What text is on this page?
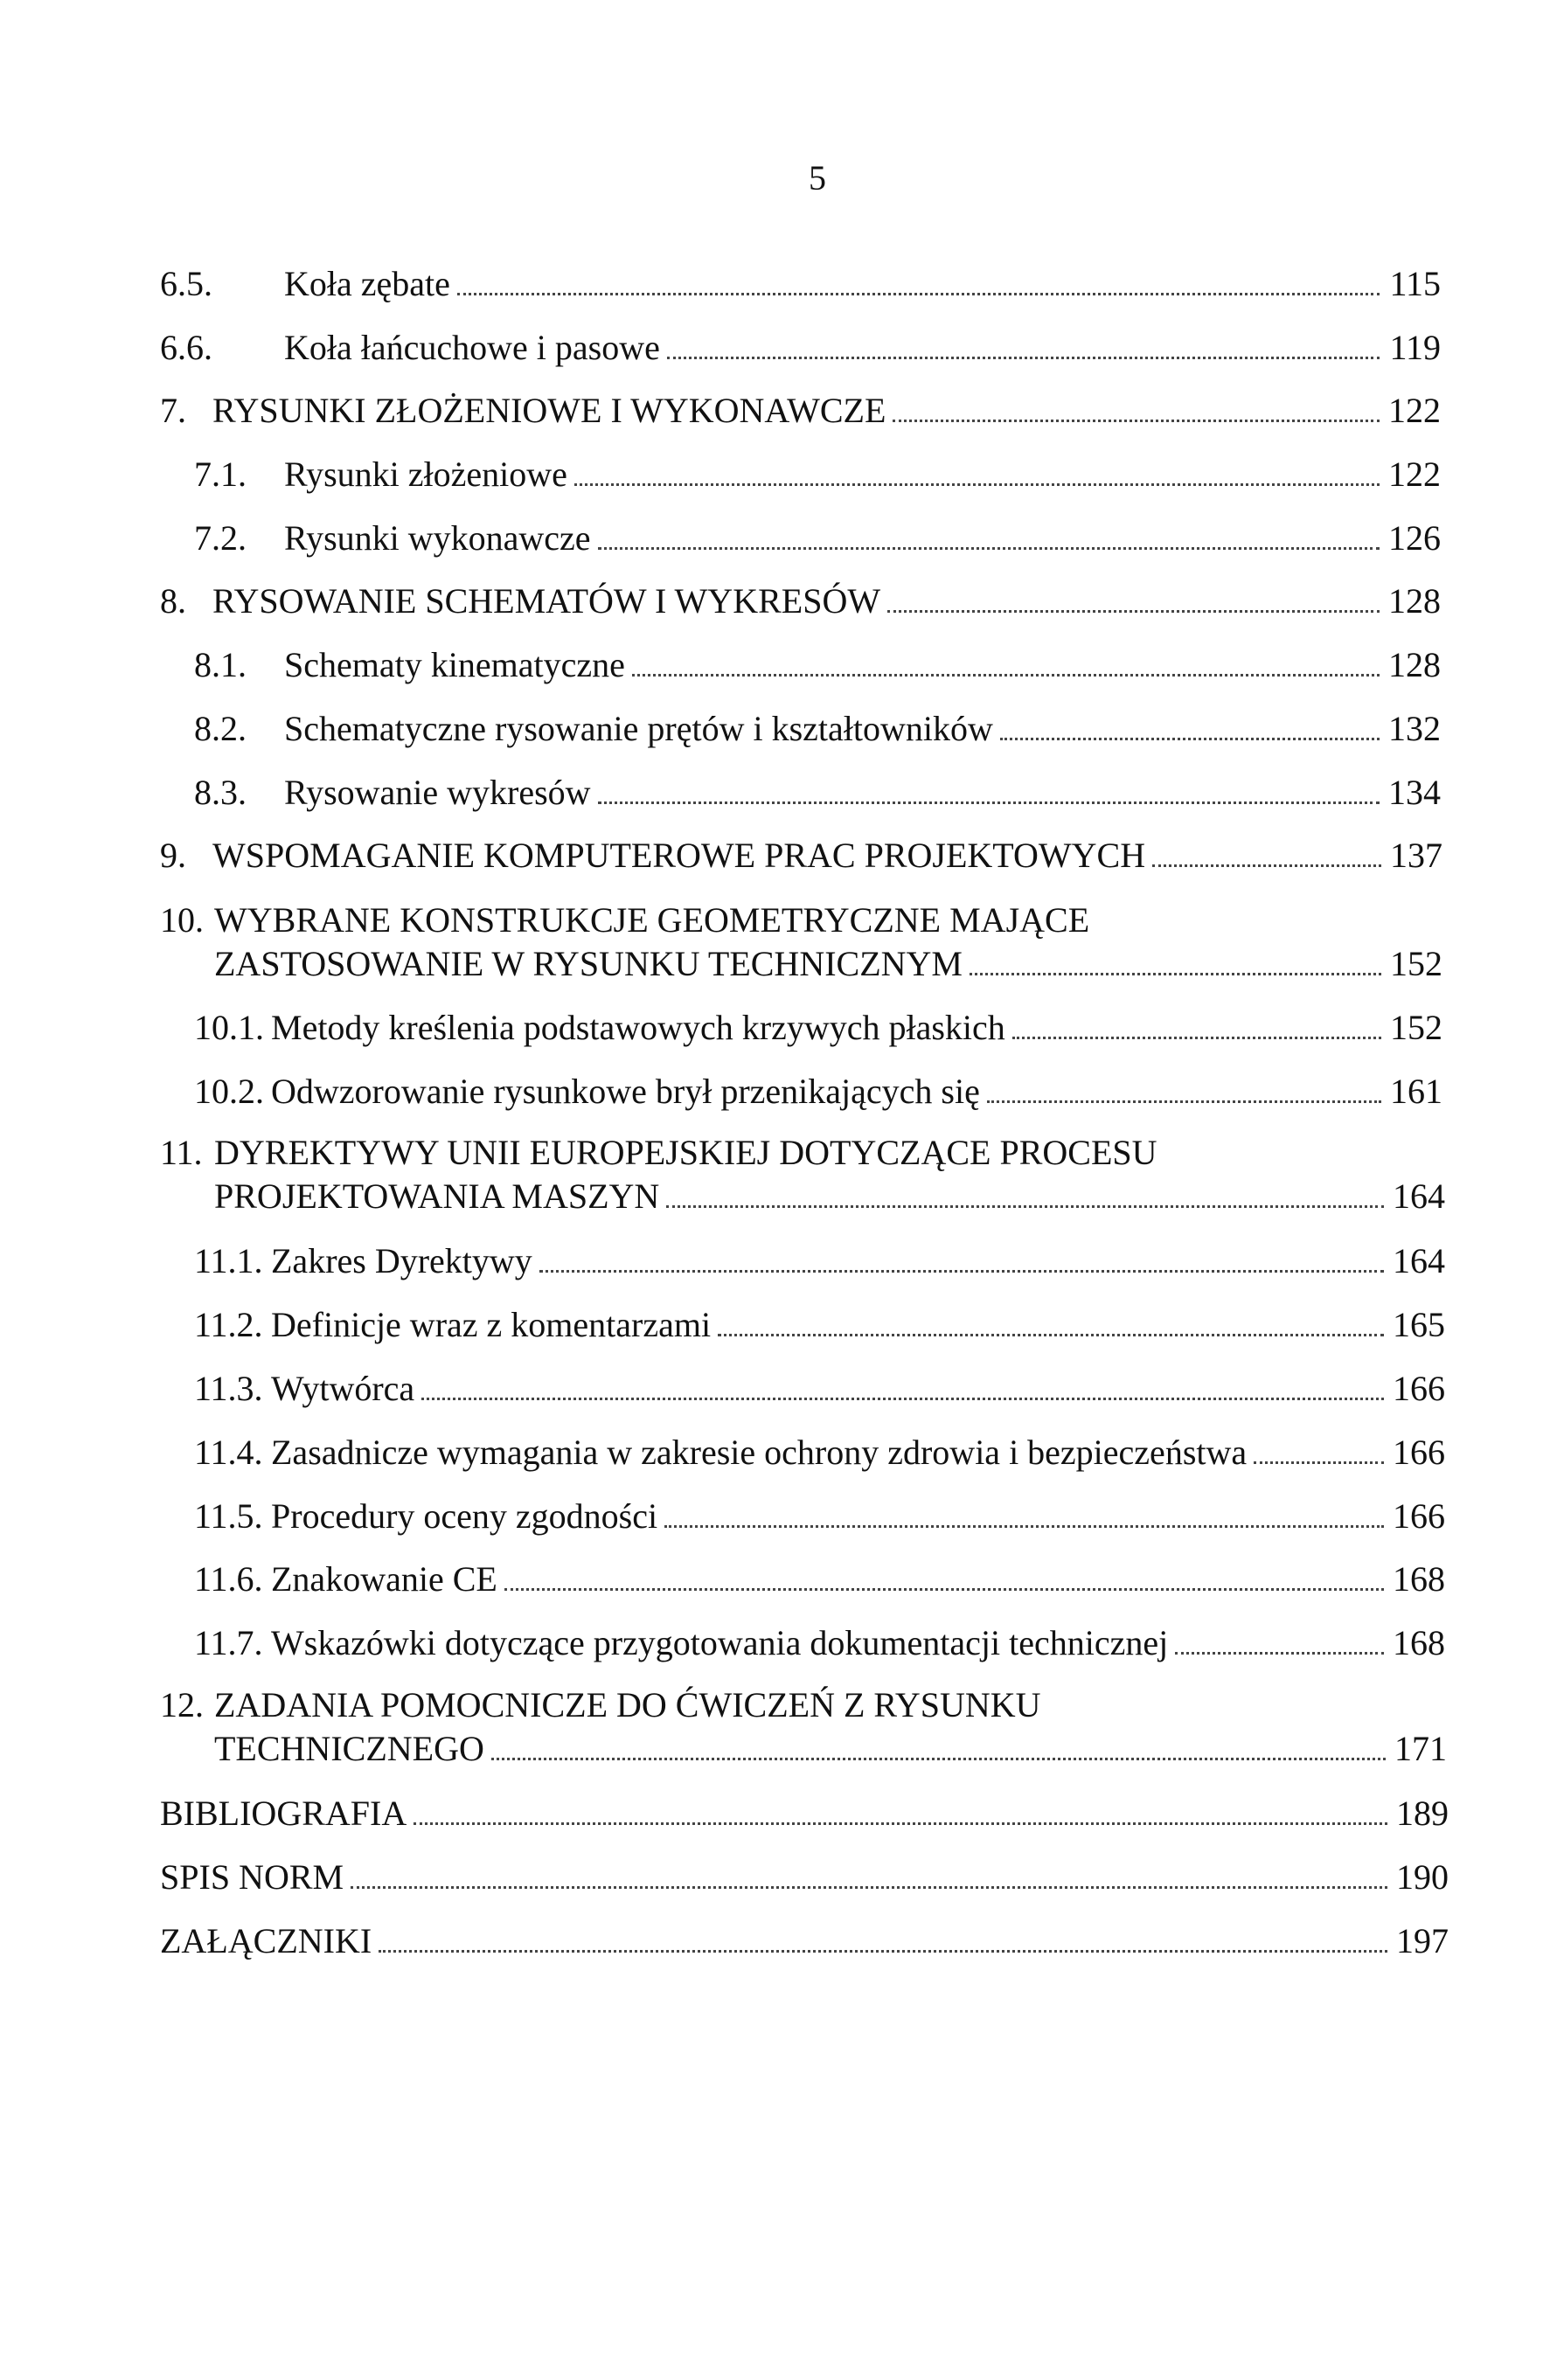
5
6.5.	Koła zębate	115
6.6.	Koła łańcuchowe i pasowe	119
7. RYSUNKI ZŁOŻENIOWE I WYKONAWCZE	122
7.1.	Rysunki złożeniowe	122
7.2.	Rysunki wykonawcze	126
8. RYSOWANIE SCHEMATÓW I WYKRESÓW	128
8.1.	Schematy kinematyczne	128
8.2.	Schematyczne rysowanie prętów i kształtowników	132
8.3.	Rysowanie wykresów	134
9. WSPOMAGANIE KOMPUTEROWE PRAC PROJEKTOWYCH	137
10. WYBRANE KONSTRUKCJE GEOMETRYCZNE MAJĄCE
ZASTOSOWANIE W RYSUNKU TECHNICZNYM	152
10.1. Metody kreślenia podstawowych krzywych płaskich	152
10.2. Odwzorowanie rysunkowe brył przenikających się	161
11. DYREKTYWY UNII EUROPEJSKIEJ DOTYCZĄCE PROCESU
PROJEKTOWANIA MASZYN	164
11.1. Zakres Dyrektywy	164
11.2. Definicje wraz z komentarzami	165
11.3. Wytwórca	166
11.4. Zasadnicze wymagania w zakresie ochrony zdrowia i bezpieczeństwa	166
11.5. Procedury oceny zgodności	166
11.6. Znakowanie CE	168
11.7. Wskazówki dotyczące przygotowania dokumentacji technicznej	168
12. ZADANIA POMOCNICZE DO ĆWICZEŃ Z RYSUNKU
TECHNICZNEGO	171
BIBLIOGRAFIA	189
SPIS NORM	190
ZAŁĄCZNIKI	197
